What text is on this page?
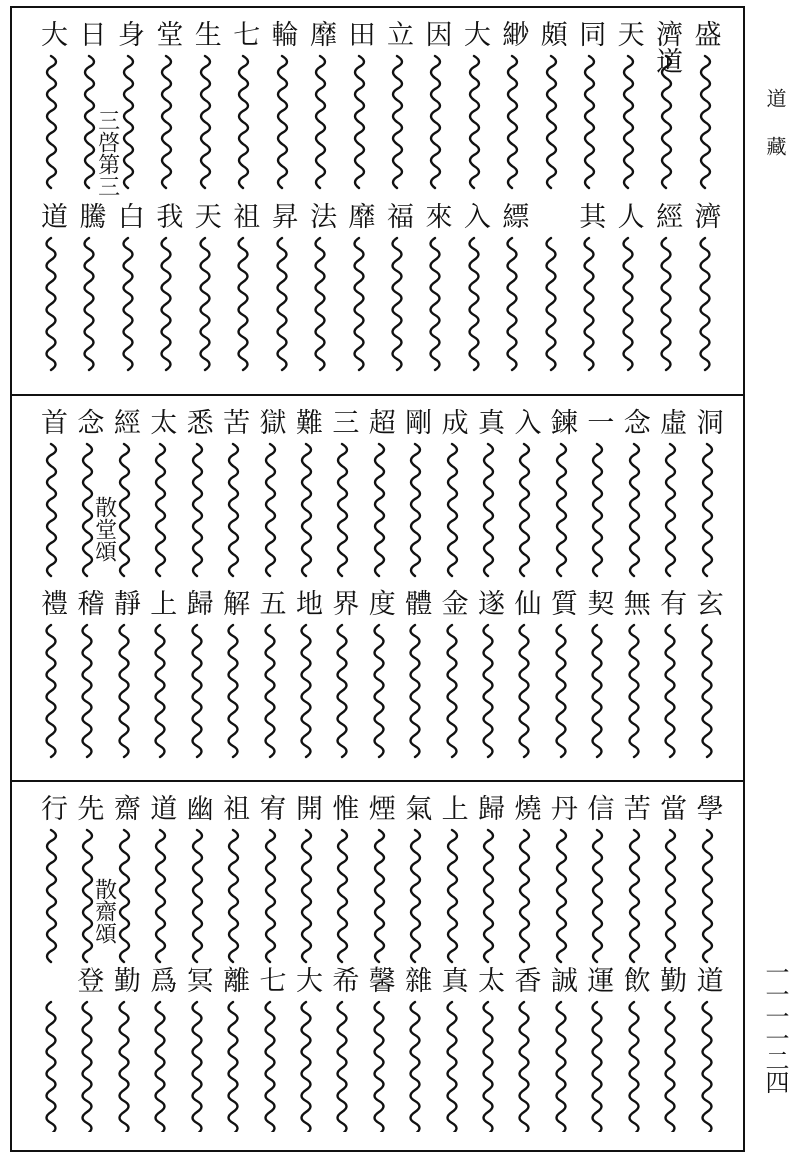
盛
濟
濟道
經
天
人
同
其
頗
緲
縹
大
入
因
來
立
福
田
靡
靡
法
輪
昇
七
祖
生
天
堂
我
身
白
日
騰
大
道
三啓第三
洞
玄
虛
有
念
無
一
契
鍊
質
入
仙
真
遂
成
金
剛
體
超
度
三
界
難
地
獄
五
苦
解
悉
歸
太
上
經
靜
念
稽
首
禮
散堂頌
學
道
當
勤
苦
飲
信
運
丹
誠
燒
香
歸
太
上
真
氣
雜
煙
馨
惟
希
開
大
宥
七
祖
離
幽
冥
道
爲
齋
勤
先
登
行
散齋頌
道藏
一一一一二四
